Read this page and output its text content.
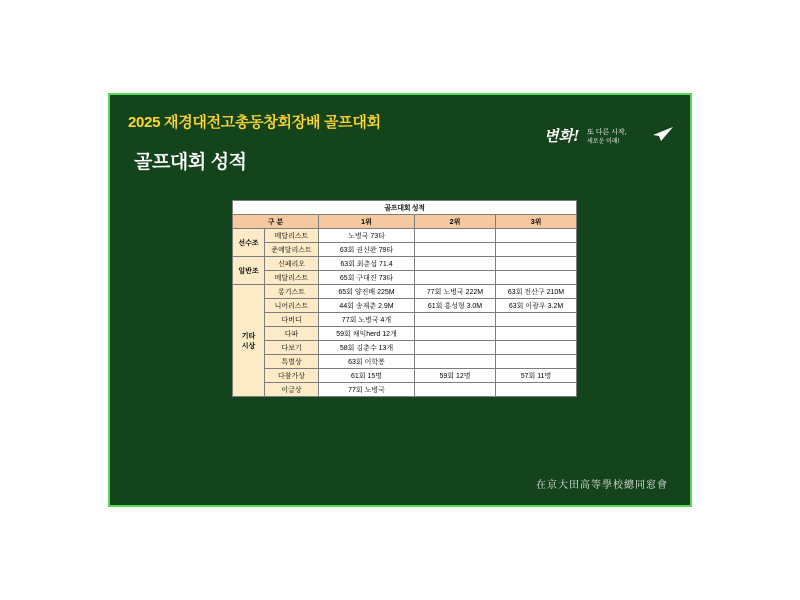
2025 재경대전고총동창회장배 골프대회
변화! 또 다른 시작,
새로운 미래!
골프대회 성적
골프대회 성적				
구 분		1위	2위	3위
선수조	메달리스트	노병국 73타		
	준메달리스트	63회 권신완 79타		
일반조	신페리오	63회 최춘섭 71.4		
	메달리스트	65회 구대진 73타		
기타
시상	롱기스트	65회 양진배 225M	77회 노병국 222M	63회 전산구 210M
	니어리스트	44회 송재춘 2.9M	61회 홍성형 3.0M	63회 이광우 3.2M
	다버디	77회 노병국 4개		
	다파	59회 채익herd 12개		
	다보기	58회 김춘수 13개		
	특별상	63회 이학봉		
	다참가상	61회 15명	59회 12명	57회 11명
	이글상	77회 노병국		
在京大田高等學校總同窓會
